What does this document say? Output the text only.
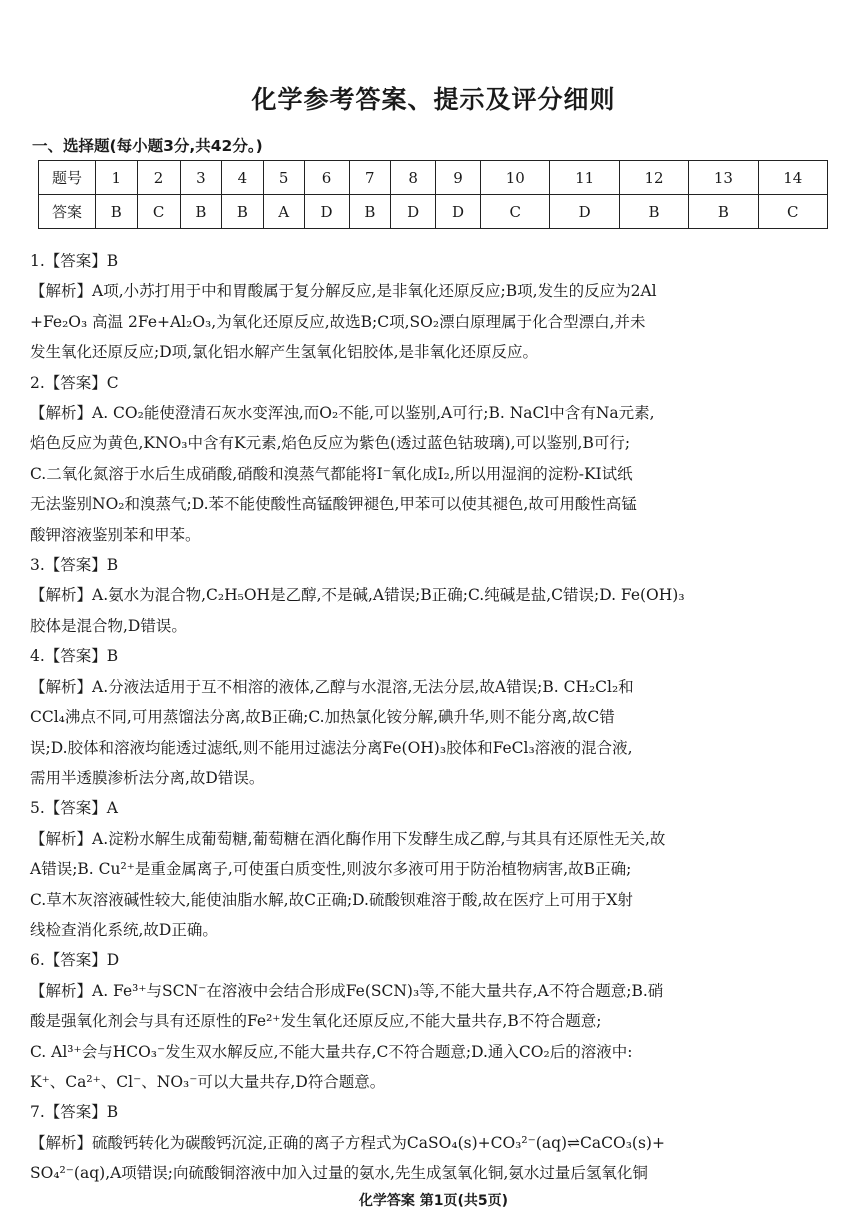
化学参考答案、提示及评分细则
一、选择题(每小题3分,共42分。)
题号	1	2	3	4	5	6	7	8	9	10	11	12	13	14
答案	B	C	B	B	A	D	B	D	D	C	D	B	B	C
1.【答案】B
【解析】A项,小苏打用于中和胃酸属于复分解反应,是非氧化还原反应;B项,发生的反应为2Al
+Fe₂O₃ 高温 2Fe+Al₂O₃,为氧化还原反应,故选B;C项,SO₂漂白原理属于化合型漂白,并未
发生氧化还原反应;D项,氯化铝水解产生氢氧化铝胶体,是非氧化还原反应。
2.【答案】C
【解析】A. CO₂能使澄清石灰水变浑浊,而O₂不能,可以鉴别,A可行;B. NaCl中含有Na元素,
焰色反应为黄色,KNO₃中含有K元素,焰色反应为紫色(透过蓝色钴玻璃),可以鉴别,B可行;
C.二氧化氮溶于水后生成硝酸,硝酸和溴蒸气都能将I⁻氧化成I₂,所以用湿润的淀粉-KI试纸
无法鉴别NO₂和溴蒸气;D.苯不能使酸性高锰酸钾褪色,甲苯可以使其褪色,故可用酸性高锰
酸钾溶液鉴别苯和甲苯。
3.【答案】B
【解析】A.氨水为混合物,C₂H₅OH是乙醇,不是碱,A错误;B正确;C.纯碱是盐,C错误;D. Fe(OH)₃
胶体是混合物,D错误。
4.【答案】B
【解析】A.分液法适用于互不相溶的液体,乙醇与水混溶,无法分层,故A错误;B. CH₂Cl₂和
CCl₄沸点不同,可用蒸馏法分离,故B正确;C.加热氯化铵分解,碘升华,则不能分离,故C错
误;D.胶体和溶液均能透过滤纸,则不能用过滤法分离Fe(OH)₃胶体和FeCl₃溶液的混合液,
需用半透膜渗析法分离,故D错误。
5.【答案】A
【解析】A.淀粉水解生成葡萄糖,葡萄糖在酒化酶作用下发酵生成乙醇,与其具有还原性无关,故
A错误;B. Cu²⁺是重金属离子,可使蛋白质变性,则波尔多液可用于防治植物病害,故B正确;
C.草木灰溶液碱性较大,能使油脂水解,故C正确;D.硫酸钡难溶于酸,故在医疗上可用于X射
线检查消化系统,故D正确。
6.【答案】D
【解析】A. Fe³⁺与SCN⁻在溶液中会结合形成Fe(SCN)₃等,不能大量共存,A不符合题意;B.硝
酸是强氧化剂会与具有还原性的Fe²⁺发生氧化还原反应,不能大量共存,B不符合题意;
C. Al³⁺会与HCO₃⁻发生双水解反应,不能大量共存,C不符合题意;D.通入CO₂后的溶液中:
K⁺、Ca²⁺、Cl⁻、NO₃⁻可以大量共存,D符合题意。
7.【答案】B
【解析】硫酸钙转化为碳酸钙沉淀,正确的离子方程式为CaSO₄(s)+CO₃²⁻(aq)⇌CaCO₃(s)+
SO₄²⁻(aq),A项错误;向硫酸铜溶液中加入过量的氨水,先生成氢氧化铜,氨水过量后氢氧化铜
化学答案 第1页(共5页)
